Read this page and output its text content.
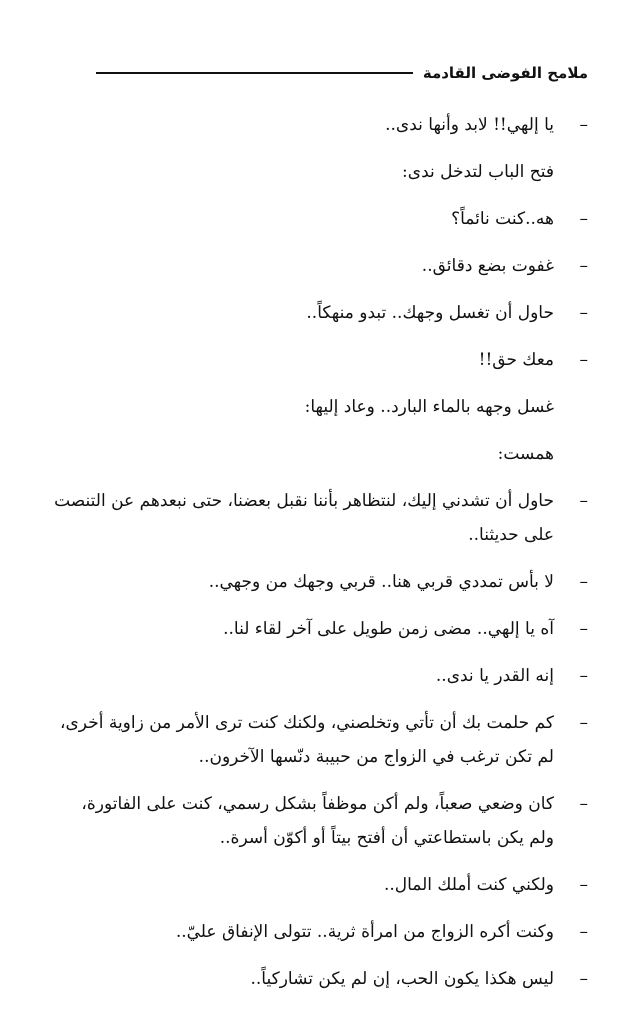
ملامح الفوضى القادمة

–
يا إلهي!! لابد وأنها ندى..

فتح الباب لتدخل ندى:

–
هه..كنت نائماً؟

–
غفوت بضع دقائق..

–
حاول أن تغسل وجهك.. تبدو منهكاً..

–
معك حق!!

غسل وجهه بالماء البارد.. وعاد إليها:

همست:

–
حاول أن تشدني إليك، لنتظاهر بأننا نقبل بعضنا، حتى نبعدهم عن التنصت على حديثنا..

–
لا بأس تمددي قربي هنا.. قربي وجهك من وجهي..

–
آه يا إلهي.. مضى زمن طويل على آخر لقاء لنا..

–
إنه القدر يا ندى..

–
كم حلمت بك أن تأتي وتخلصني، ولكنك كنت ترى الأمر من زاوية أخرى، لم تكن ترغب في الزواج من حبيبة دنّسها الآخرون..

–
كان وضعي صعباً، ولم أكن موظفاً بشكل رسمي، كنت على الفاتورة، ولم يكن باستطاعتي أن أفتح بيتاً أو أكوّن أسرة..

–
ولكني كنت أملك المال..

–
وكنت أكره الزواج من امرأة ثرية.. تتولى الإنفاق عليّ..

–
ليس هكذا يكون الحب، إن لم يكن تشاركياً..
